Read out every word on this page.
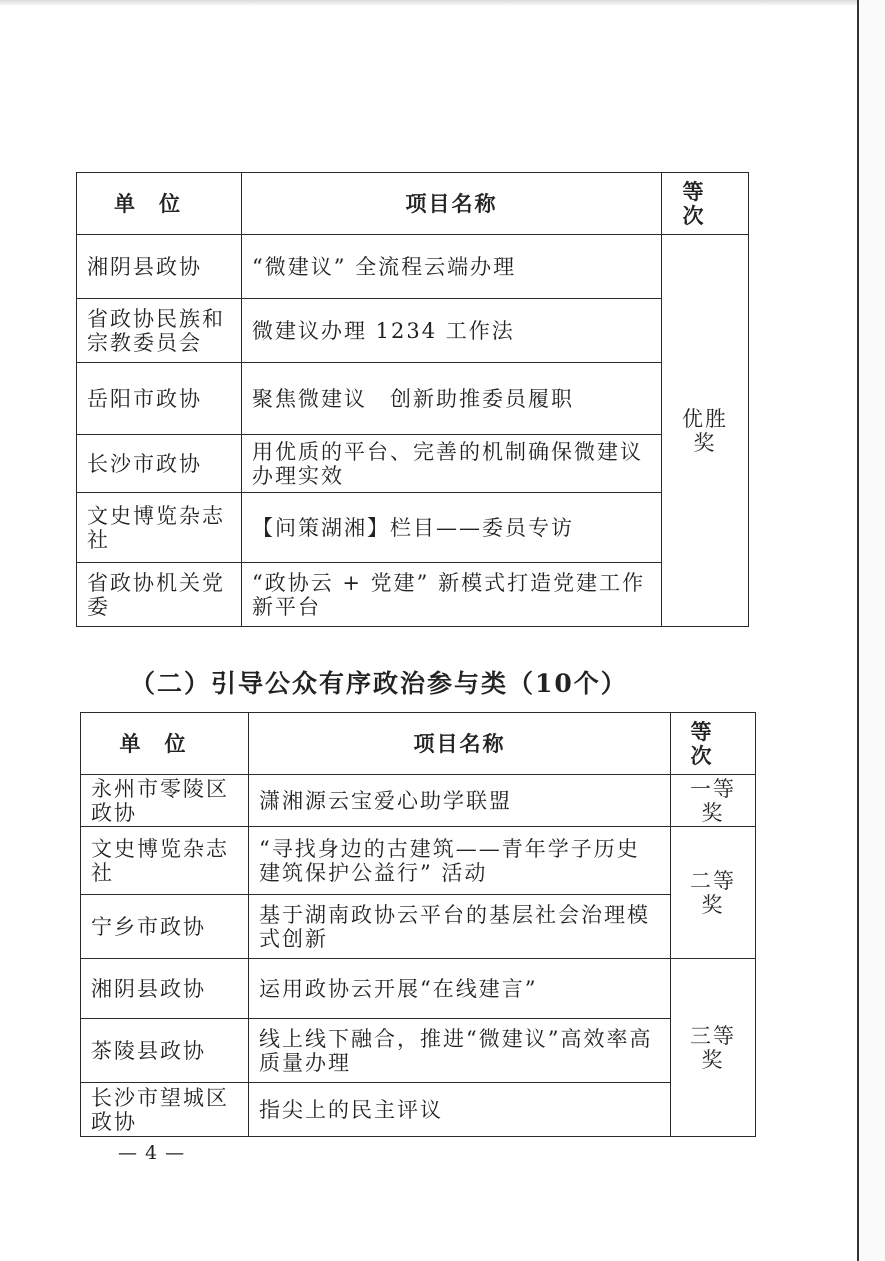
单位	项目名称	等次
湘阴县政协	“微建议” 全流程云端办理	优胜奖
省政协民族和宗教委员会	微建议办理 1234 工作法	
岳阳市政协	聚焦微建议　创新助推委员履职	
长沙市政协	用优质的平台、完善的机制确保微建议办理实效	
文史博览杂志社	【问策湖湘】栏目——委员专访	
省政协机关党委	“政协云 + 党建” 新模式打造党建工作新平台	
（二）引导公众有序政治参与类（10个）
单位	项目名称	等次
永州市零陵区政协	潇湘源云宝爱心助学联盟	一等奖
文史博览杂志社	“寻找身边的古建筑——青年学子历史建筑保护公益行” 活动	二等奖
宁乡市政协	基于湖南政协云平台的基层社会治理模式创新	
湘阴县政协	运用政协云开展“在线建言”	三等奖
茶陵县政协	线上线下融合，推进“微建议”高效率高质量办理	
长沙市望城区政协	指尖上的民主评议	
— 4 —
